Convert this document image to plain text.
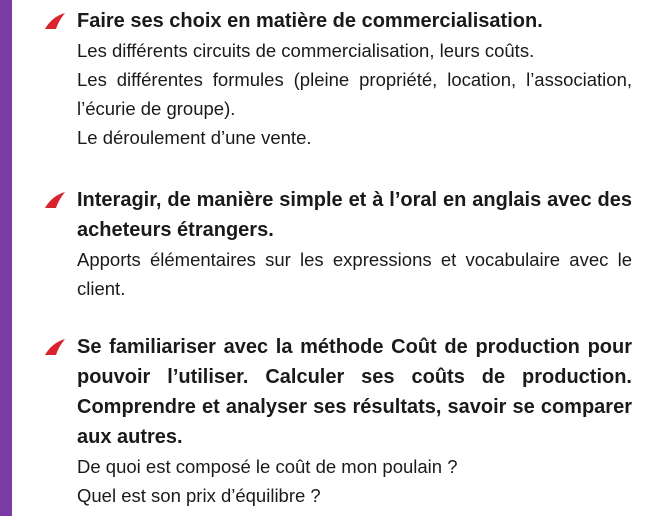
Faire ses choix en matière de commercialisation.

Les différents circuits de commercialisation, leurs coûts.

Les différentes formules (pleine propriété, location, l’association, l’écurie de groupe).

Le déroulement d’une vente.

Interagir, de manière simple et à l’oral en anglais avec des acheteurs étrangers.

Apports élémentaires sur les expressions et vocabulaire avec le client.

Se familiariser avec la méthode Coût de production pour pouvoir l’utiliser. Calculer ses coûts de production. Comprendre et analyser ses résultats, savoir se comparer aux autres.

De quoi est composé le coût de mon poulain ?

Quel est son prix d’équilibre ?
